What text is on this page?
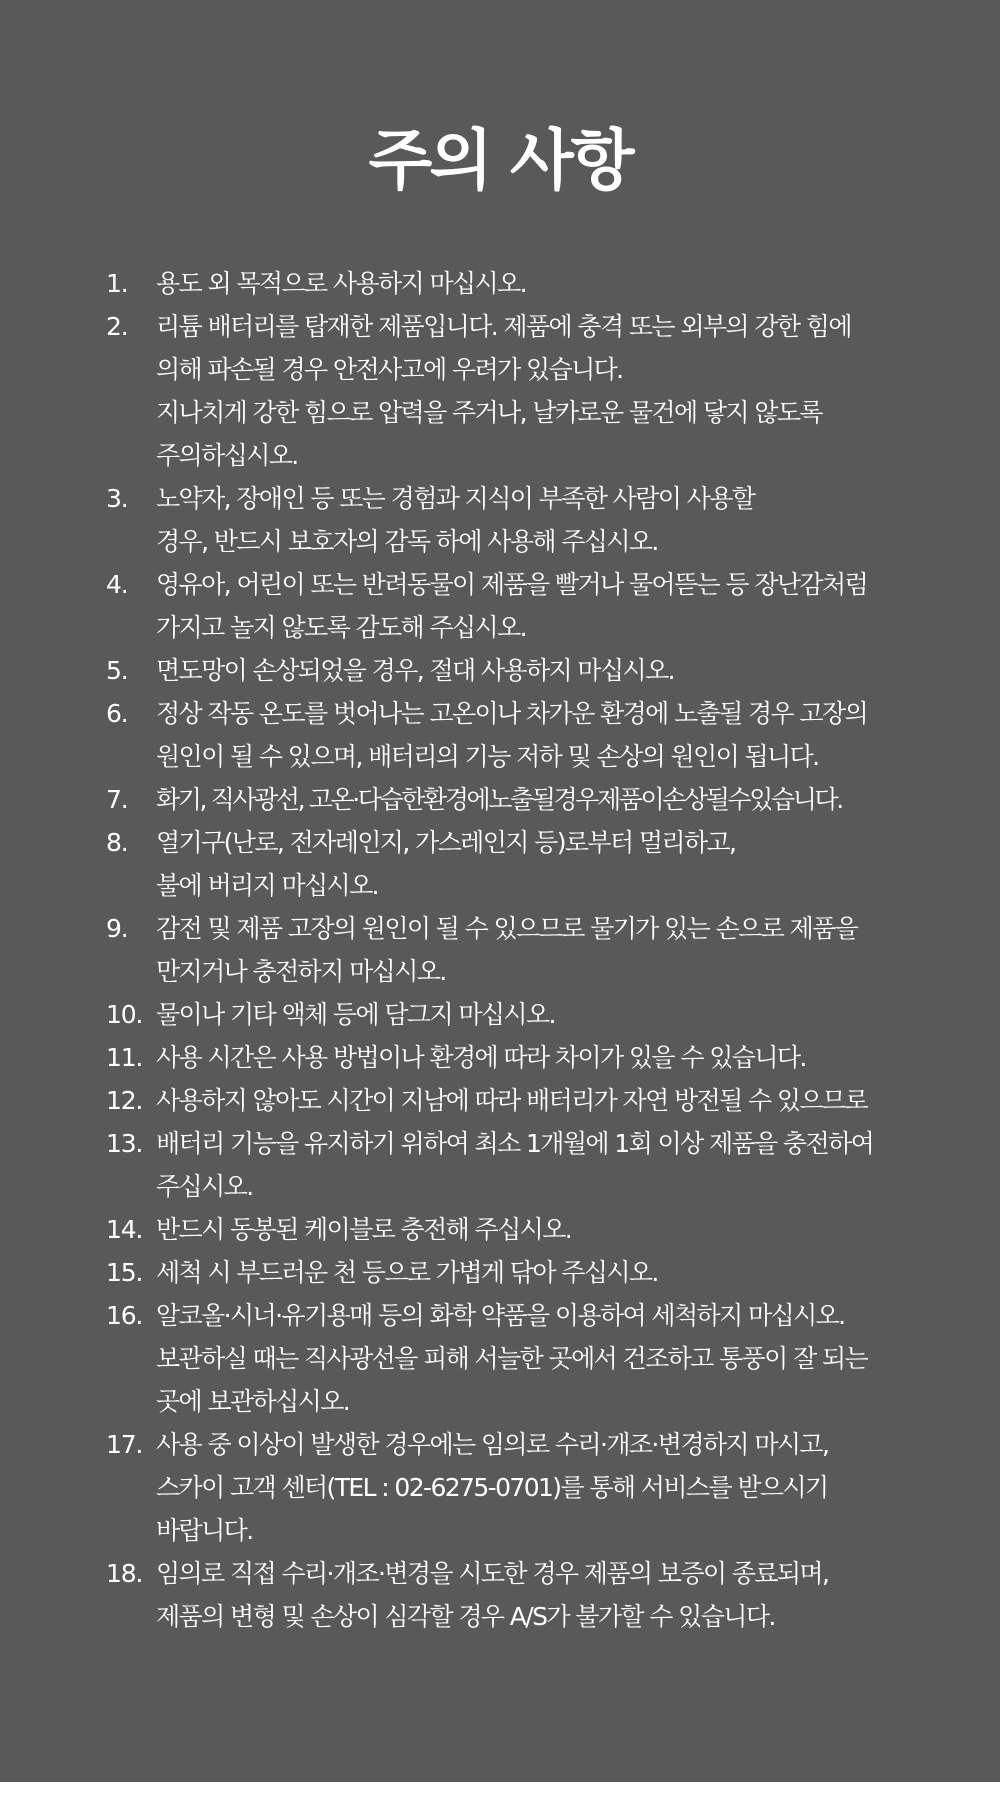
주의 사항
1.	용도 외 목적으로 사용하지 마십시오.
2.	리튬 배터리를 탑재한 제품입니다. 제품에 충격 또는 외부의 강한 힘에
의해 파손될 경우 안전사고에 우려가 있습니다.
지나치게 강한 힘으로 압력을 주거나, 날카로운 물건에 닿지 않도록
주의하십시오.
3.	노약자, 장애인 등 또는 경험과 지식이 부족한 사람이 사용할
경우, 반드시 보호자의 감독 하에 사용해 주십시오.
4.	영유아, 어린이 또는 반려동물이 제품을 빨거나 물어뜯는 등 장난감처럼
가지고 놀지 않도록 감도해 주십시오.
5.	면도망이 손상되었을 경우, 절대 사용하지 마십시오.
6.	정상 작동 온도를 벗어나는 고온이나 차가운 환경에 노출될 경우 고장의
원인이 될 수 있으며, 배터리의 기능 저하 및 손상의 원인이 됩니다.
7.	화기, 직사광선, 고온·다습한환경에노출될경우제품이손상될수있습니다.
8.	열기구(난로, 전자레인지, 가스레인지 등)로부터 멀리하고,
불에 버리지 마십시오.
9.	감전 및 제품 고장의 원인이 될 수 있으므로 물기가 있는 손으로 제품을
만지거나 충전하지 마십시오.
10. 물이나 기타 액체 등에 담그지 마십시오.
11. 사용 시간은 사용 방법이나 환경에 따라 차이가 있을 수 있습니다.
12. 사용하지 않아도 시간이 지남에 따라 배터리가 자연 방전될 수 있으므로
13. 배터리 기능을 유지하기 위하여 최소 1개월에 1회 이상 제품을 충전하여
주십시오.
14. 반드시 동봉된 케이블로 충전해 주십시오.
15. 세척 시 부드러운 천 등으로 가볍게 닦아 주십시오.
16. 알코올·시너·유기용매 등의 화학 약품을 이용하여 세척하지 마십시오.
보관하실 때는 직사광선을 피해 서늘한 곳에서 건조하고 통풍이 잘 되는
곳에 보관하십시오.
17. 사용 중 이상이 발생한 경우에는 임의로 수리·개조·변경하지 마시고,
스카이 고객 센터(TEL : 02-6275-0701)를 통해 서비스를 받으시기
바랍니다.
18. 임의로 직접 수리·개조·변경을 시도한 경우 제품의 보증이 종료되며,
제품의 변형 및 손상이 심각할 경우 A/S가 불가할 수 있습니다.
